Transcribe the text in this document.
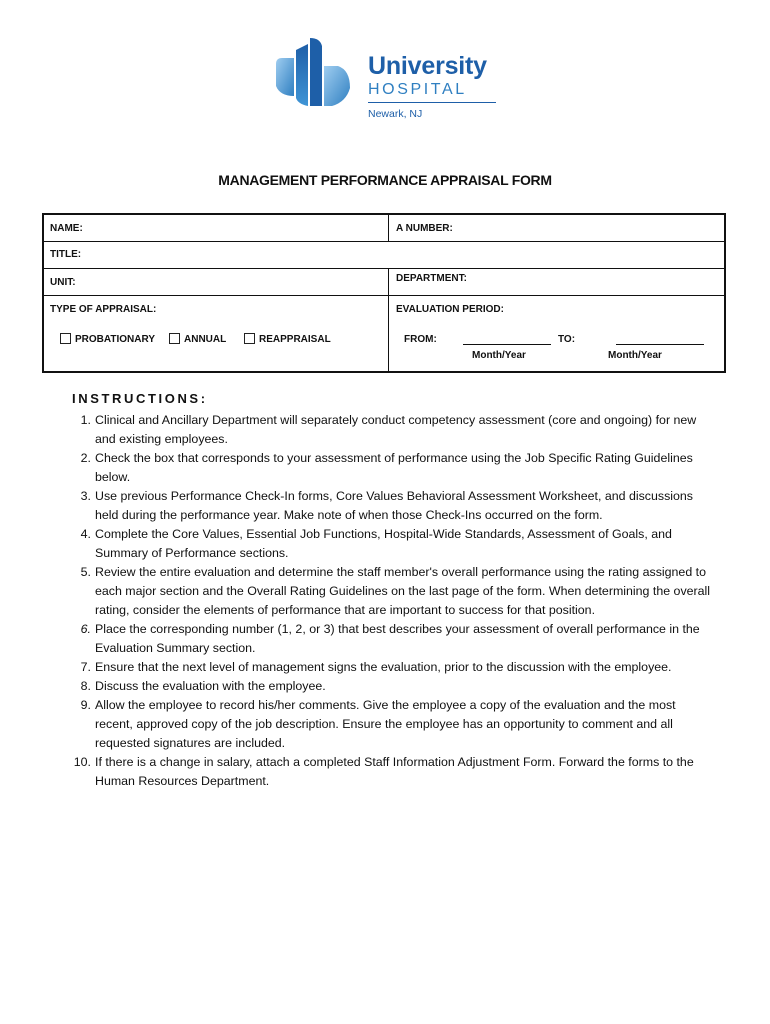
University
HOSPITAL
Newark, NJ
MANAGEMENT PERFORMANCE APPRAISAL FORM
NAME:	A NUMBER:
TITLE:
UNIT:	DEPARTMENT:
TYPE OF APPRAISAL:	EVALUATION PERIOD:
PROBATIONARY	ANNUAL	REAPPRAISAL	FROM:	TO:
Month/Year	Month/Year
INSTRUCTIONS:
1. Clinical and Ancillary Department will separately conduct competency assessment (core and ongoing) for new and existing employees.
2. Check the box that corresponds to your assessment of performance using the Job Specific Rating Guidelines below.
3. Use previous Performance Check-In forms, Core Values Behavioral Assessment Worksheet, and discussions held during the performance year. Make note of when those Check-Ins occurred on the form.
4. Complete the Core Values, Essential Job Functions, Hospital-Wide Standards, Assessment of Goals, and Summary of Performance sections.
5. Review the entire evaluation and determine the staff member's overall performance using the rating assigned to each major section and the Overall Rating Guidelines on the last page of the form. When determining the overall rating, consider the elements of performance that are important to success for that position.
6. Place the corresponding number (1, 2, or 3) that best describes your assessment of overall performance in the Evaluation Summary section.
7. Ensure that the next level of management signs the evaluation, prior to the discussion with the employee.
8. Discuss the evaluation with the employee.
9. Allow the employee to record his/her comments. Give the employee a copy of the evaluation and the most recent, approved copy of the job description. Ensure the employee has an opportunity to comment and all requested signatures are included.
10. If there is a change in salary, attach a completed Staff Information Adjustment Form. Forward the forms to the Human Resources Department.
